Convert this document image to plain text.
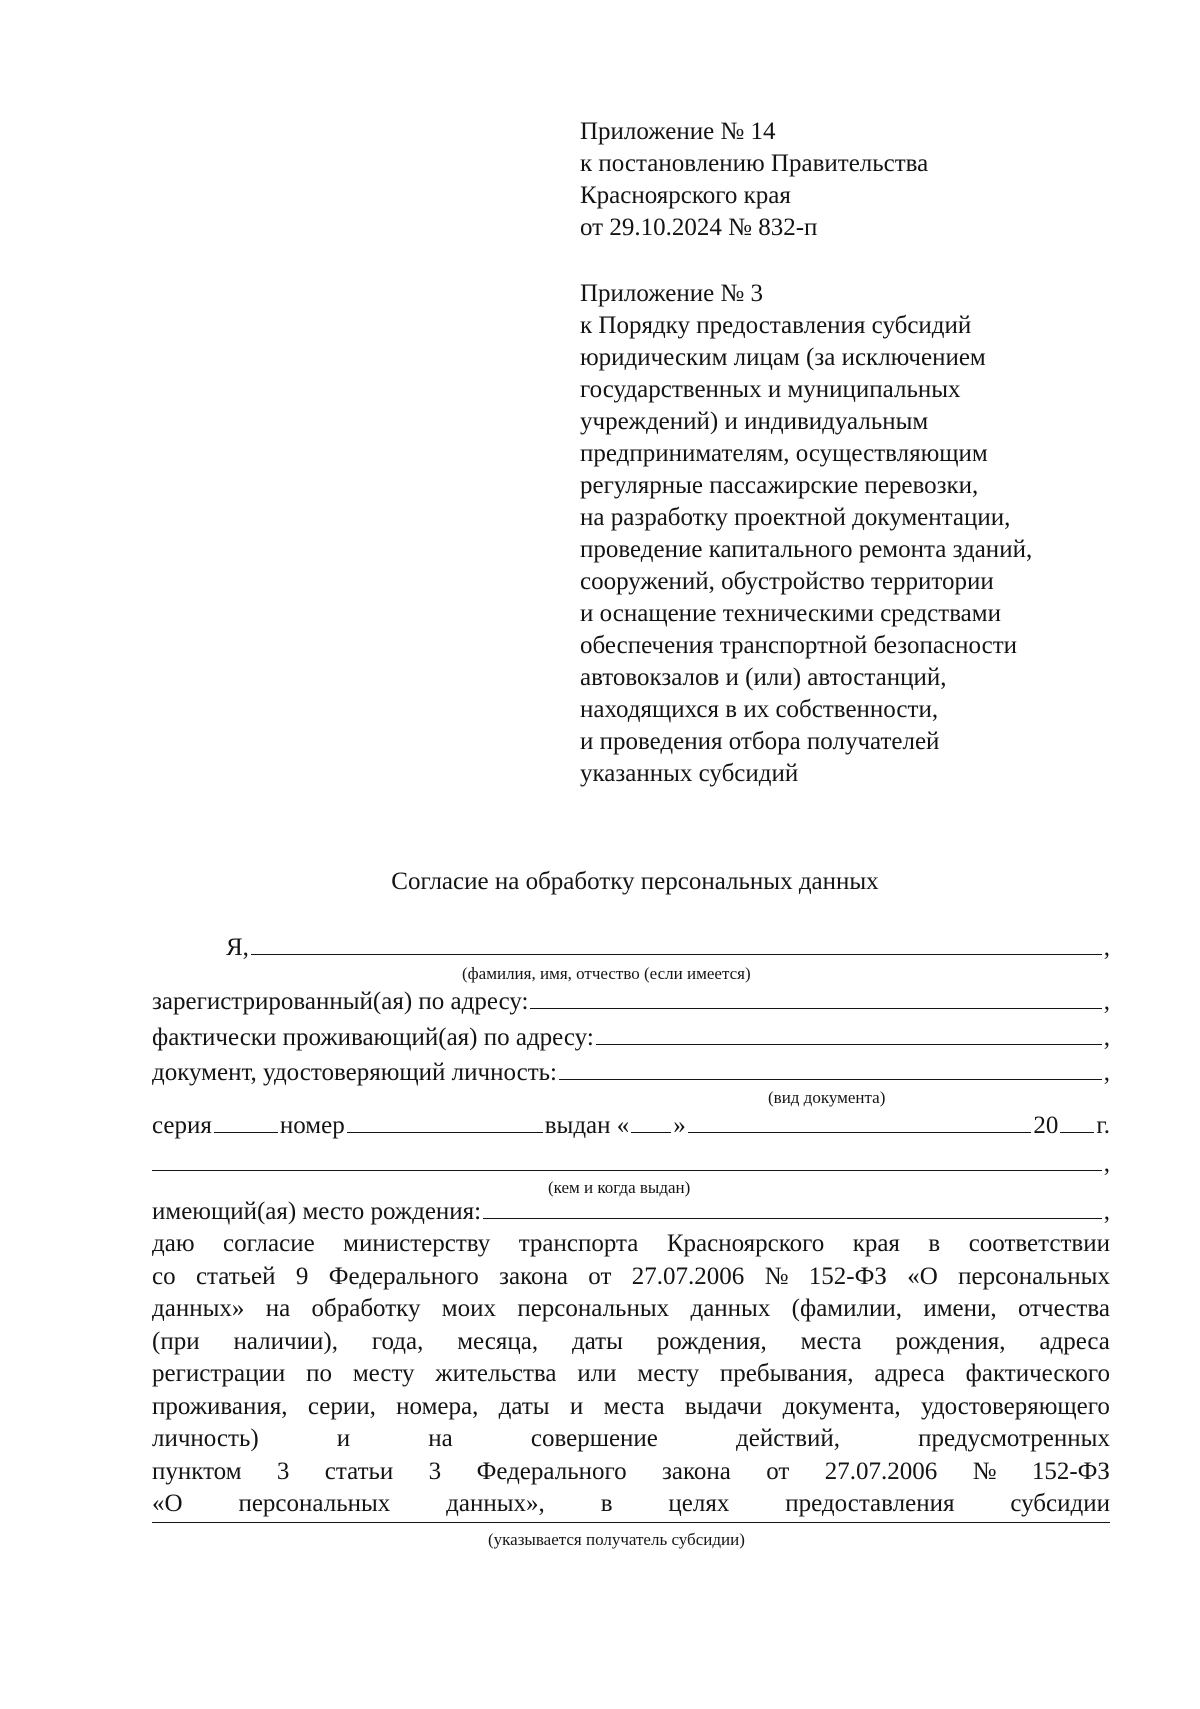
Приложение № 14
к постановлению Правительства
Красноярского края
от 29.10.2024 № 832-п
Приложение № 3
к Порядку предоставления субсидий
юридическим лицам (за исключением
государственных и муниципальных
учреждений) и индивидуальным
предпринимателям, осуществляющим
регулярные пассажирские перевозки,
на разработку проектной документации,
проведение капитального ремонта зданий,
сооружений, обустройство территории
и оснащение техническими средствами
обеспечения транспортной безопасности
автовокзалов и (или) автостанций,
находящихся в их собственности,
и проведения отбора получателей
указанных субсидий
Согласие на обработку персональных данных
Я,	,
(фамилия, имя, отчество (если имеется)
зарегистрированный(ая) по адресу:	,
фактически проживающий(ая) по адресу:	,
документ, удостоверяющий личность:	,
(вид документа)
серия	номер	выдан « »	20 г.
,
(кем и когда выдан)
имеющий(ая) место рождения:	,
даю согласие министерству транспорта Красноярского края в соответствии
со статьей 9 Федерального закона от 27.07.2006 № 152-ФЗ «О персональных
данных» на обработку моих персональных данных (фамилии, имени, отчества
(при наличии), года, месяца, даты рождения, места рождения, адреса
регистрации по месту жительства или месту пребывания, адреса фактического
проживания, серии, номера, даты и места выдачи документа, удостоверяющего
личность)	и	на	совершение	действий,	предусмотренных
пунктом 3 статьи 3 Федерального закона от 27.07.2006 № 152-ФЗ
«О персональных данных», в целях предоставления субсидии
(указывается получатель субсидии)
